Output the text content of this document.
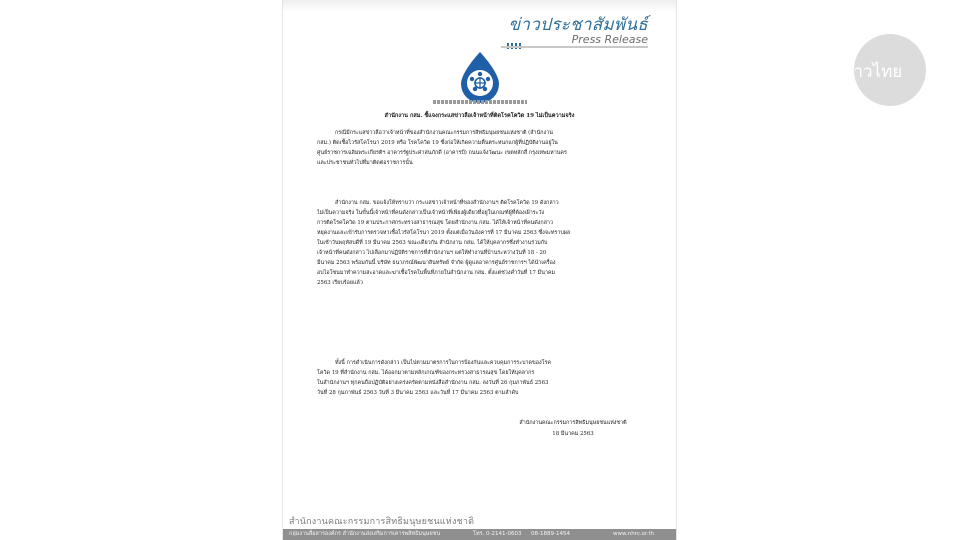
ข่าวประชาสัมพันธ์
Press Release
สำนักงาน กสม. ชี้แจงกระแสข่าวลือเจ้าหน้าที่ติดโรคโควิด 19 ไม่เป็นความจริง
กรณีมีกระแสข่าวลือว่าเจ้าหน้าที่ของสำนักงานคณะกรรมการสิทธิมนุษยชนแห่งชาติ (สำนักงาน
กสม.) ติดเชื้อไวรัสโคโรนา 2019 หรือ โรคโควิด 19 ซึ่งก่อให้เกิดความตื่นตระหนกแก่ผู้ที่ปฏิบัติงานอยู่ใน
ศูนย์ราชการเฉลิมพระเกียรติฯ อาคารรัฐประศาสนภักดี (อาคารบี) ถนนแจ้งวัฒนะ เขตหลักสี่ กรุงเทพมหานคร
และประชาชนทั่วไปที่มาติดต่อราชการนั้น
สำนักงาน กสม. ขอแจ้งให้ทราบว่า กระแสข่าวเจ้าหน้าที่ของสำนักงานฯ ติดโรคโควิด 19 ดังกล่าว
ไม่เป็นความจริง ในขั้นนี้เจ้าหน้าที่คนดังกล่าวเป็นเจ้าหน้าที่เพียงผู้เดียวที่อยู่ในเกณฑ์ผู้ที่ต้องเฝ้าระวัง
การติดโรคโควิด 19 ตามประกาศกระทรวงสาธารณสุข โดยสำนักงาน กสม. ได้ให้เจ้าหน้าที่คนดังกล่าว
หยุดงานและเข้ารับการตรวจหาเชื้อไวรัสโคโรนา 2019 ตั้งแต่เมื่อวันอังคารที่ 17 มีนาคม 2563 ซึ่งจะทราบผล
ในเช้าวันพฤหัสบดีที่ 19 มีนาคม 2563 ขณะเดียวกัน สำนักงาน กสม. ได้ให้บุคลากรซึ่งทำงานร่วมกับ
เจ้าหน้าที่คนดังกล่าว ไปเลือกมาปฏิบัติราชการที่สำนักงานฯ แต่ให้ทำงานที่บ้านระหว่างวันที่ 18 - 20
มีนาคม 2563 พร้อมกันนี้ บริษัท ธนาภรณ์พัฒนาสินทรัพย์ จำกัด ผู้ดูแลอาคารศูนย์ราชการฯ ได้นำเครื่อง
อบไอโซนมาทำความสะอาดและฆ่าเชื้อโรคในพื้นที่ภายในสำนักงาน กสม. ตั้งแต่ช่วงค่ำวันที่ 17 มีนาคม
2563 เรียบร้อยแล้ว
ทั้งนี้ การดำเนินการดังกล่าว เป็นไปตามมาตรการในการป้องกันและควบคุมการระบาดของโรค
โควิด 19 ที่สำนักงาน กสม. ได้ออกมาตามหลักเกณฑ์ของกระทรวงสาธารณสุข โดยให้บุคลากร
ในสำนักงานฯ ทุกคนถือปฏิบัติอย่างเคร่งครัดตามหนังสือสำนักงาน กสม. ลงวันที่ 26 กุมภาพันธ์ 2563
วันที่ 28 กุมภาพันธ์ 2563 วันที่ 3 มีนาคม 2563 และวันที่ 17 มีนาคม 2563 ตามลำดับ
สำนักงานคณะกรรมการสิทธิมนุษยชนแห่งชาติ
18 มีนาคม 2563
สำนักงานคณะกรรมการสิทธิมนุษยชนแห่งชาติ
กลุ่มงานสื่อสารองค์กร สำนักงานส่งเสริมการเคารพสิทธิมนุษยชน	โทร. 0-2141-0603 08-1889-1454	www.nhrc.or.th
สำนักข่าวไทย
